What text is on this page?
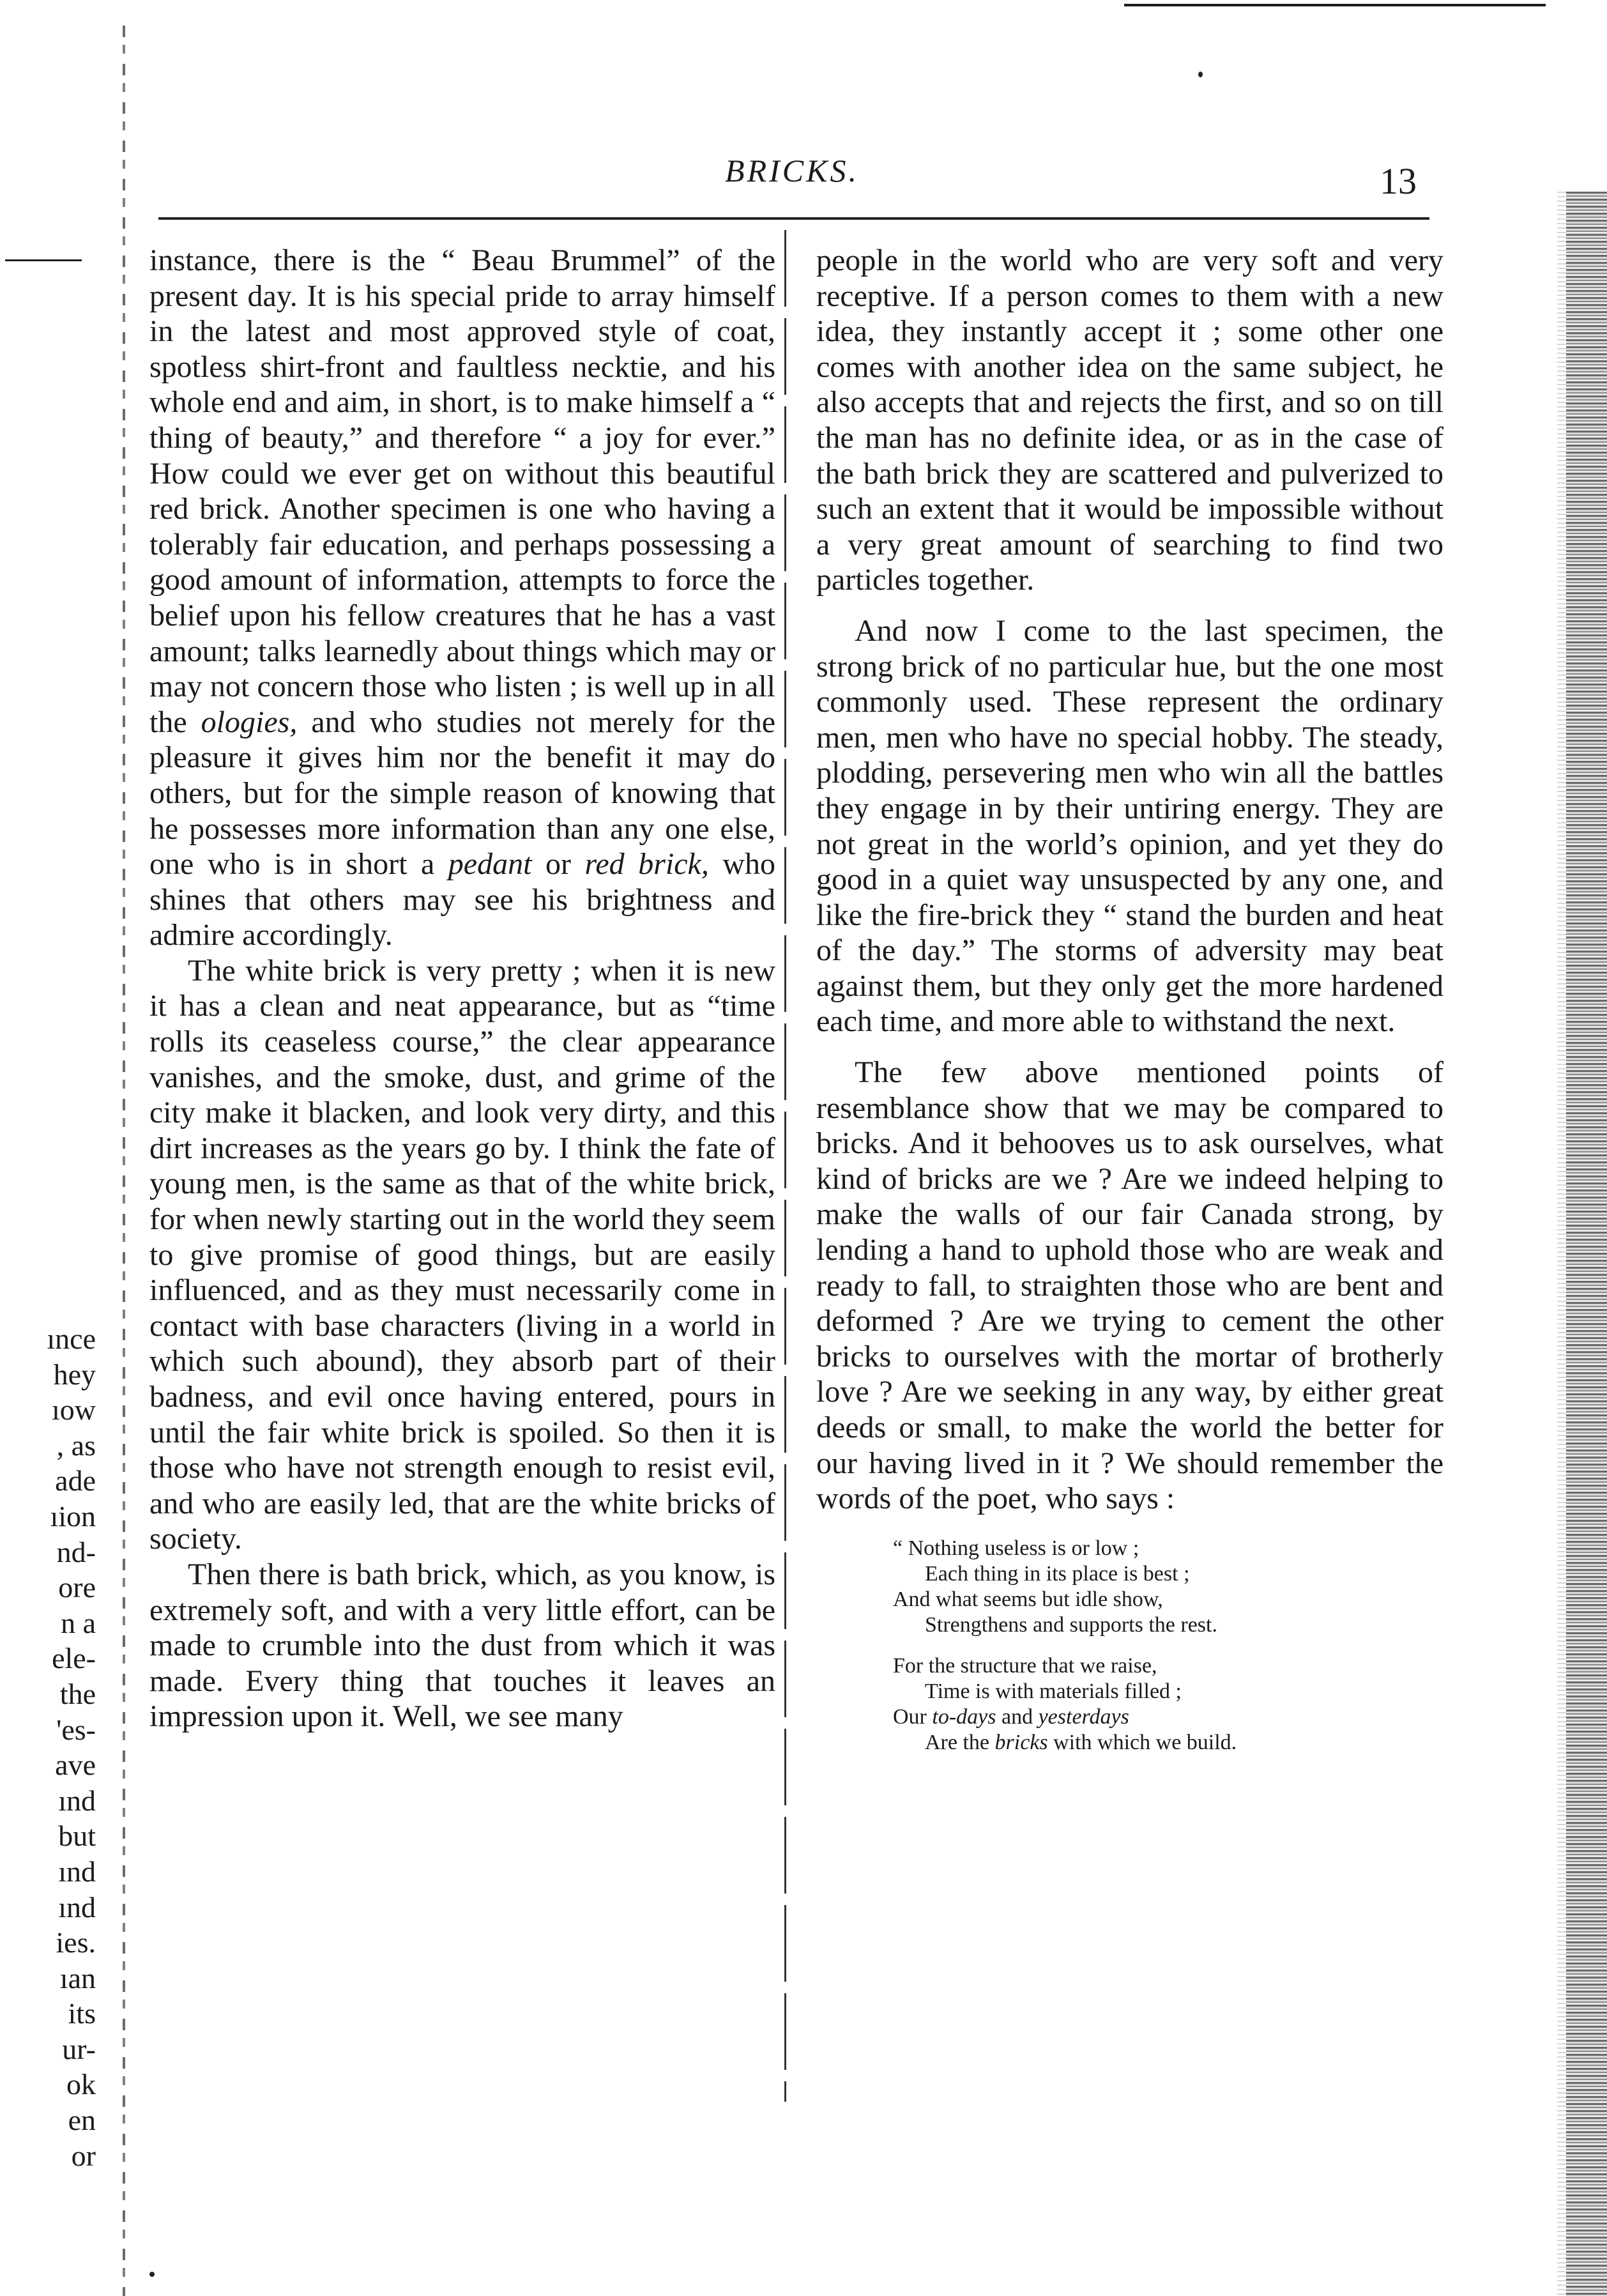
BRICKS.	13
ınce
hey
ıow
, as
ade
ıion
nd-
ore
n a
ele-
the
'es-
ave
ınd
but
ınd
ınd
ies.
ıan
its
ur-
ok
en
or

instance, there is the “ Beau Brummel” of the present day. It is his special pride to array himself in the latest and most approved style of coat, spotless shirt-front and faultless necktie, and his whole end and aim, in short, is to make himself a “ thing of beauty,” and therefore “ a joy for ever.” How could we ever get on without this beautiful red brick. Another specimen is one who having a tolerably fair education, and perhaps possessing a good amount of information, attempts to force the belief upon his fellow creatures that he has a vast amount; talks learnedly about things which may or may not concern those who listen ; is well up in all the ologies, and who studies not merely for the pleasure it gives him nor the benefit it may do others, but for the simple reason of knowing that he possesses more information than any one else, one who is in short a pedant or red brick, who shines that others may see his brightness and admire accordingly.

The white brick is very pretty ; when it is new it has a clean and neat appearance, but as “time rolls its ceaseless course,” the clear appearance vanishes, and the smoke, dust, and grime of the city make it blacken, and look very dirty, and this dirt increases as the years go by. I think the fate of young men, is the same as that of the white brick, for when newly starting out in the world they seem to give promise of good things, but are easily influenced, and as they must necessarily come in contact with base characters (living in a world in which such abound), they absorb part of their badness, and evil once having entered, pours in until the fair white brick is spoiled. So then it is those who have not strength enough to resist evil, and who are easily led, that are the white bricks of society.

Then there is bath brick, which, as you know, is extremely soft, and with a very little effort, can be made to crumble into the dust from which it was made. Every thing that touches it leaves an impression upon it. Well, we see many

people in the world who are very soft and very receptive. If a person comes to them with a new idea, they instantly accept it ; some other one comes with another idea on the same subject, he also accepts that and rejects the first, and so on till the man has no definite idea, or as in the case of the bath brick they are scattered and pulverized to such an extent that it would be impossible without a very great amount of searching to find two particles together.

And now I come to the last specimen, the strong brick of no particular hue, but the one most commonly used. These represent the ordinary men, men who have no special hobby. The steady, plodding, persevering men who win all the battles they engage in by their untiring energy. They are not great in the world’s opinion, and yet they do good in a quiet way unsuspected by any one, and like the fire-brick they “ stand the burden and heat of the day.” The storms of adversity may beat against them, but they only get the more hardened each time, and more able to withstand the next.

The few above mentioned points of resemblance show that we may be compared to bricks. And it behooves us to ask ourselves, what kind of bricks are we ? Are we indeed helping to make the walls of our fair Canada strong, by lending a hand to uphold those who are weak and ready to fall, to straighten those who are bent and deformed ? Are we trying to cement the other bricks to ourselves with the mortar of brotherly love ? Are we seeking in any way, by either great deeds or small, to make the world the better for our having lived in it ? We should remember the words of the poet, who says :

“ Nothing useless is or low ;
Each thing in its place is best ;
And what seems but idle show,
Strengthens and supports the rest.
For the structure that we raise,
Time is with materials filled ;
Our to-days and yesterdays
Are the bricks with which we build.
